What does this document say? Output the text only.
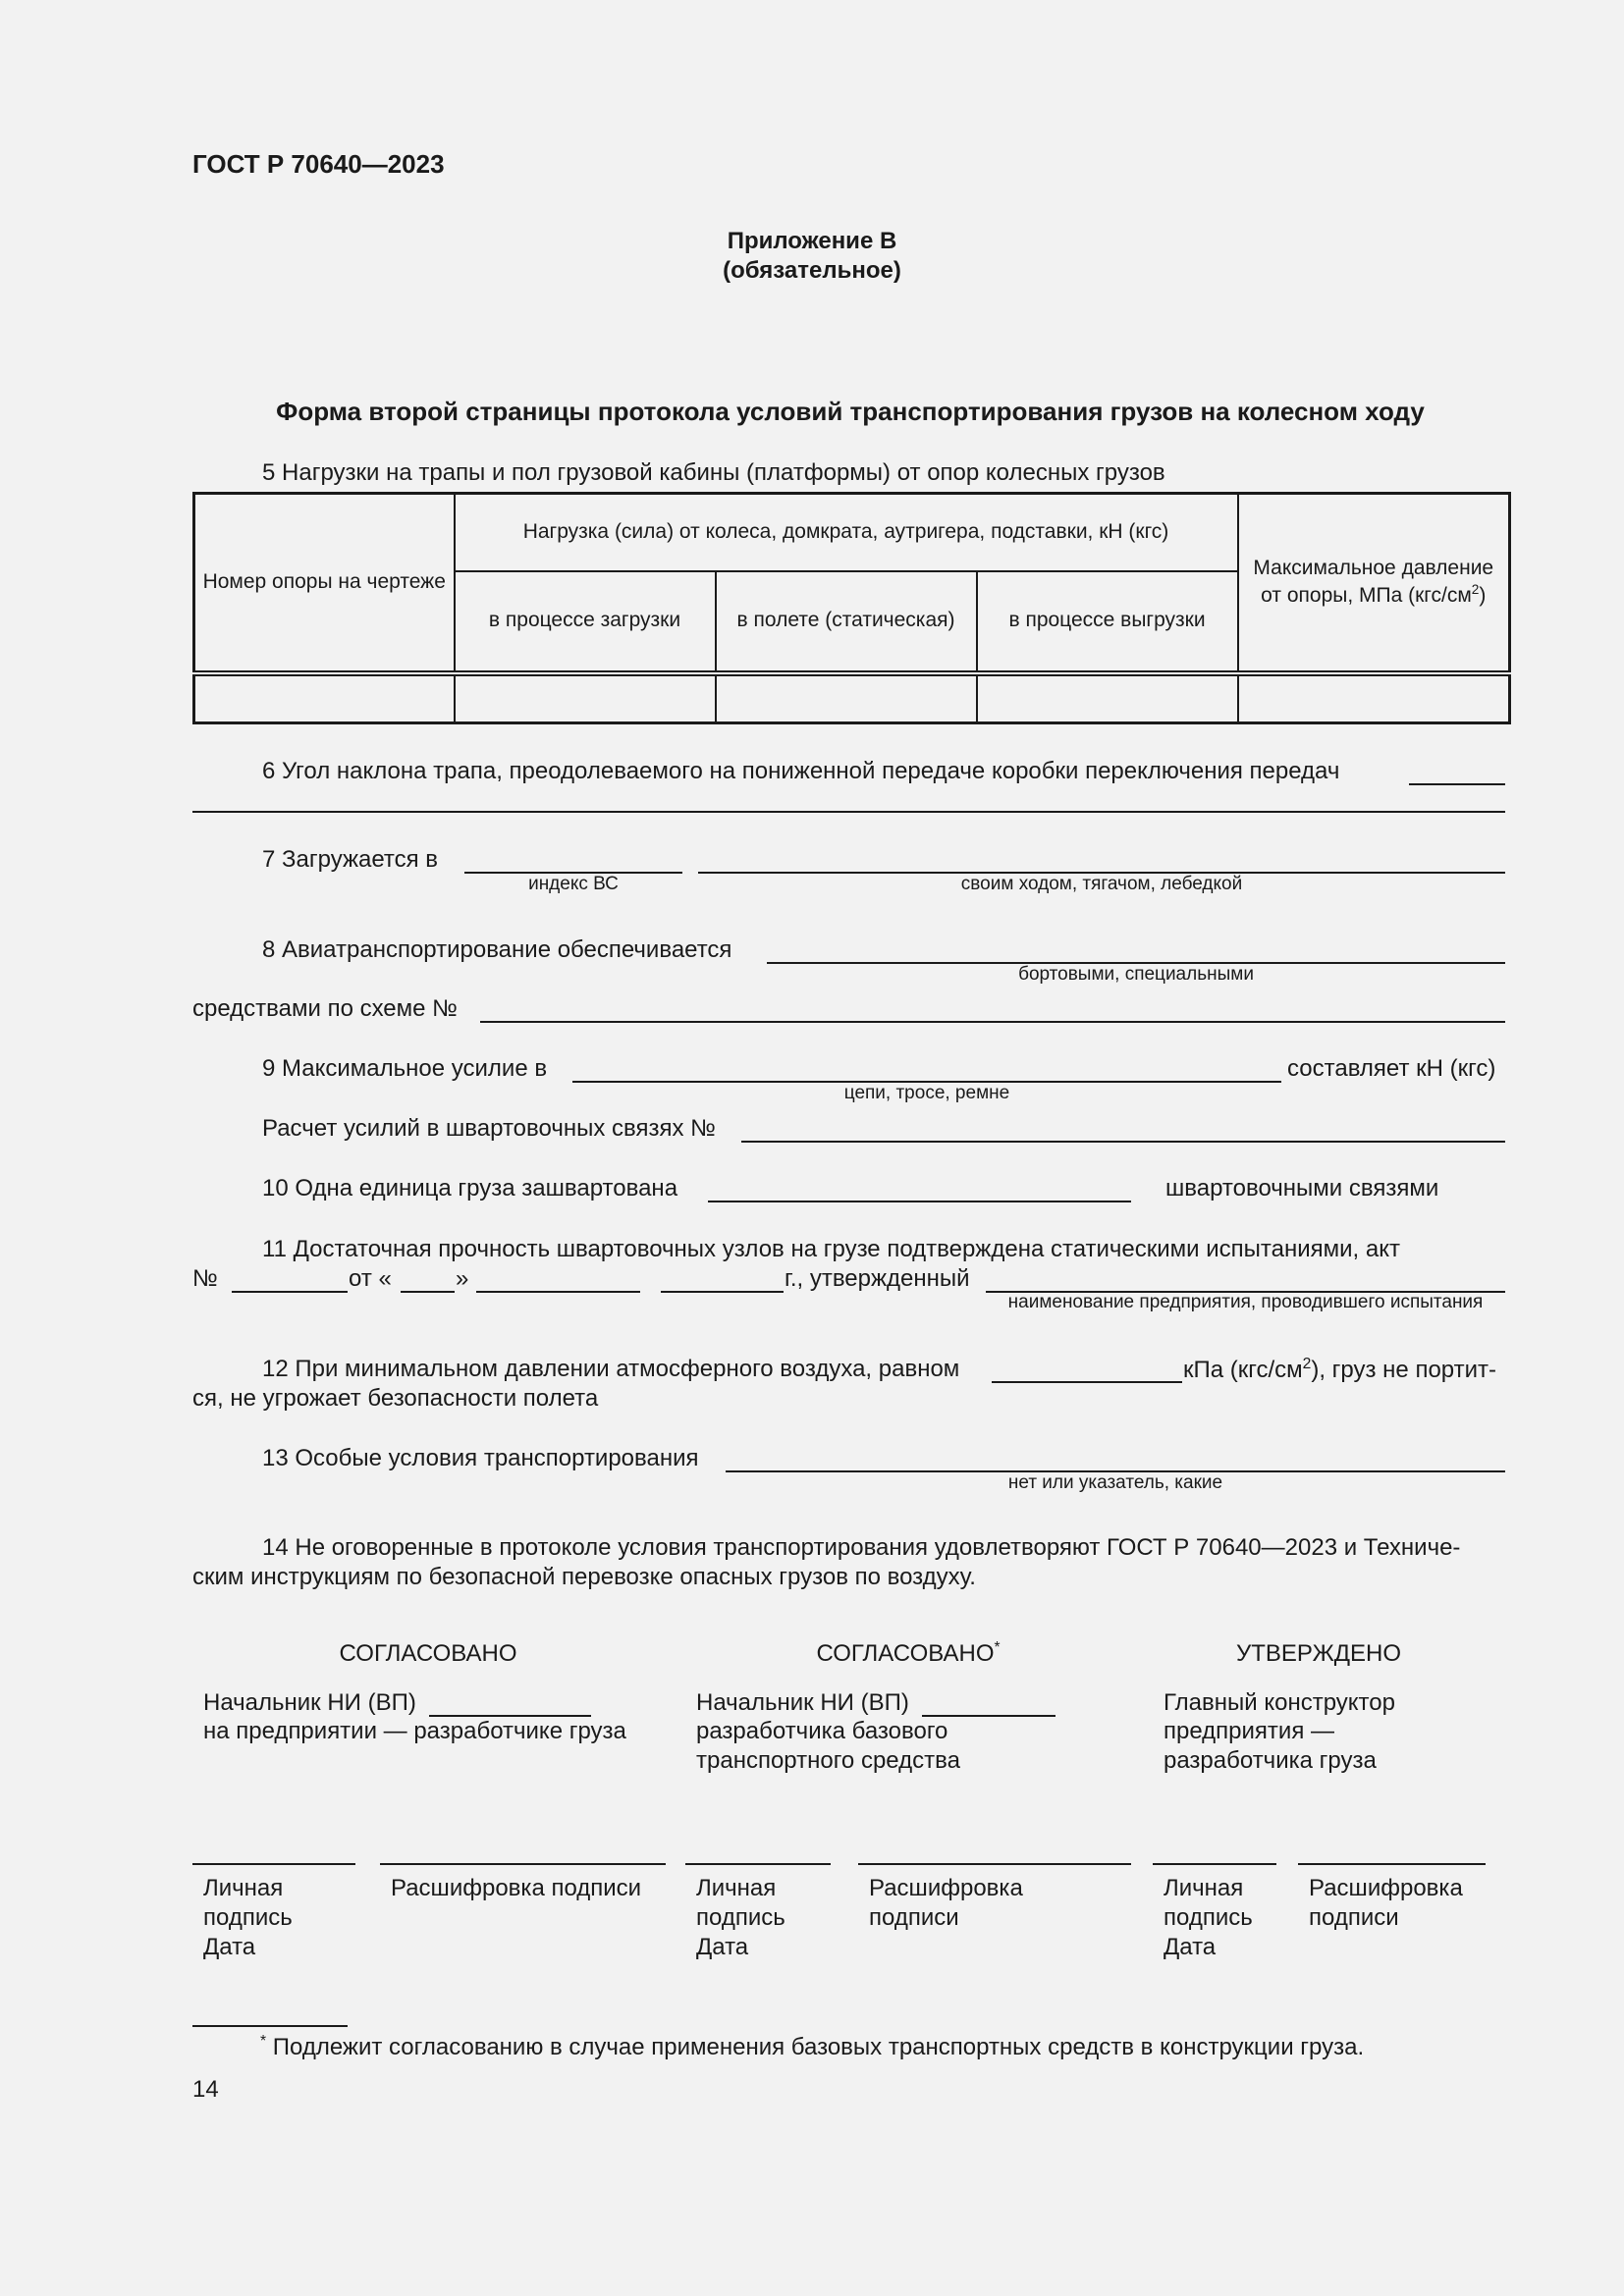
ГОСТ Р 70640—2023
Приложение В
(обязательное)
Форма второй страницы протокола условий транспортирования грузов на колесном ходу
5 Нагрузки на трапы и пол грузовой кабины (платформы) от опор колесных грузов
Номер опоры на чертеже	Нагрузка (сила) от колеса, домкрата, аутригера, подставки, кН (кгс)			Максимальное давление от опоры, МПа $(кгс/см^2)$
	в процессе загрузки	в полете (статическая)	в процессе выгрузки	

6 Угол наклона трапа, преодолеваемого на пониженной передаче коробки переключения передач
7 Загружается в
индекс ВС	своим ходом, тягачом, лебедкой
8 Авиатранспортирование обеспечивается
бортовыми, специальными
средствами по схеме №
9 Максимальное усилие в
цепи, тросе, ремне
составляет кН (кгс)
Расчет усилий в швартовочных связях №
10 Одна единица груза зашвартована	швартовочными связями
11 Достаточная прочность швартовочных узлов на грузе подтверждена статическими испытаниями, акт
№	от «	»	г., утвержденный
наименование предприятия, проводившего испытания
12 При минимальном давлении атмосферного воздуха, равном	кПа $(кгс/см^2)$, груз не портит-
ся, не угрожает безопасности полета
13 Особые условия транспортирования
нет или указатель, какие
14 Не оговоренные в протоколе условия транспортирования удовлетворяют ГОСТ Р 70640—2023 и Техниче-
ским инструкциям по безопасной перевозке опасных грузов по воздуху.
СОГЛАСОВАНО
Начальник НИ (ВП)
на предприятии — разработчике груза
Личная
подпись
Дата
Расшифровка подписи
СОГЛАСОВАНО*
Начальник НИ (ВП)
разработчика базового
транспортного средства
Личная
подпись
Дата
Расшифровка
подписи
УТВЕРЖДЕНО
Главный конструктор
предприятия —
разработчика груза
Личная
подпись
Дата
Расшифровка
подписи
* Подлежит согласованию в случае применения базовых транспортных средств в конструкции груза.
14
